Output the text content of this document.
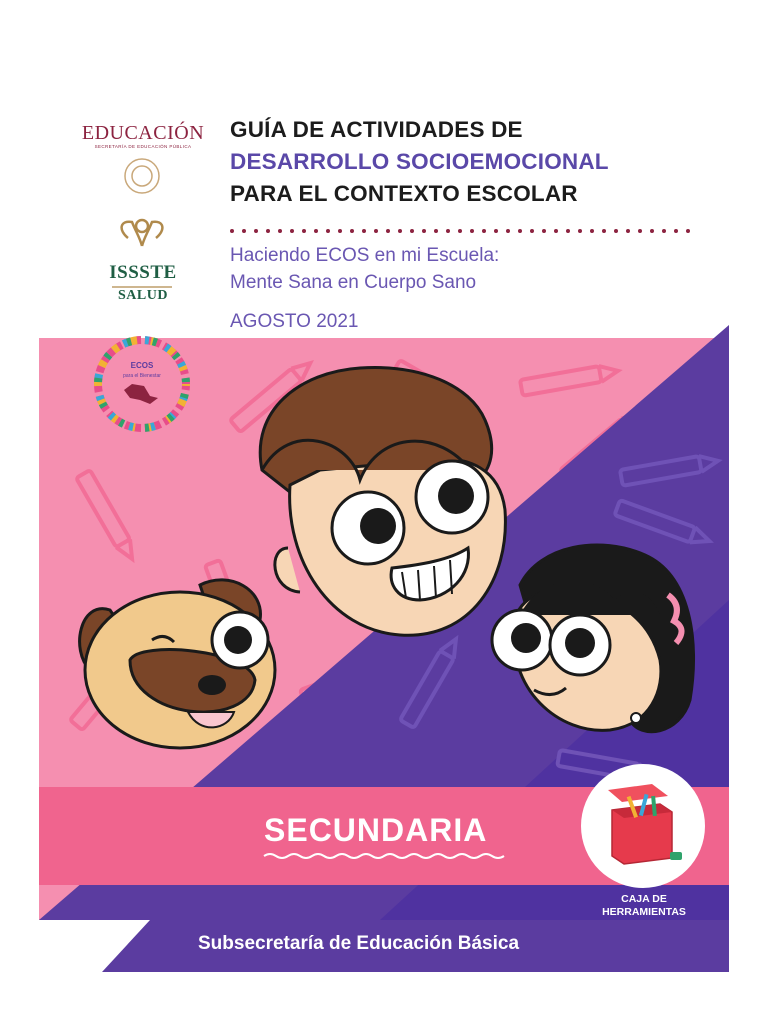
ECOS
para el Bienestar
EDUCACIÓN
SECRETARÍA DE EDUCACIÓN PÚBLICA
ISSSTE
SALUD
GUÍA DE ACTIVIDADES DE
DESARROLLO SOCIOEMOCIONAL
PARA EL CONTEXTO ESCOLAR
Haciendo ECOS en mi Escuela:
Mente Sana en Cuerpo Sano
AGOSTO 2021
SECUNDARIA
CAJA DE
HERRAMIENTAS
Subsecretaría de Educación Básica
